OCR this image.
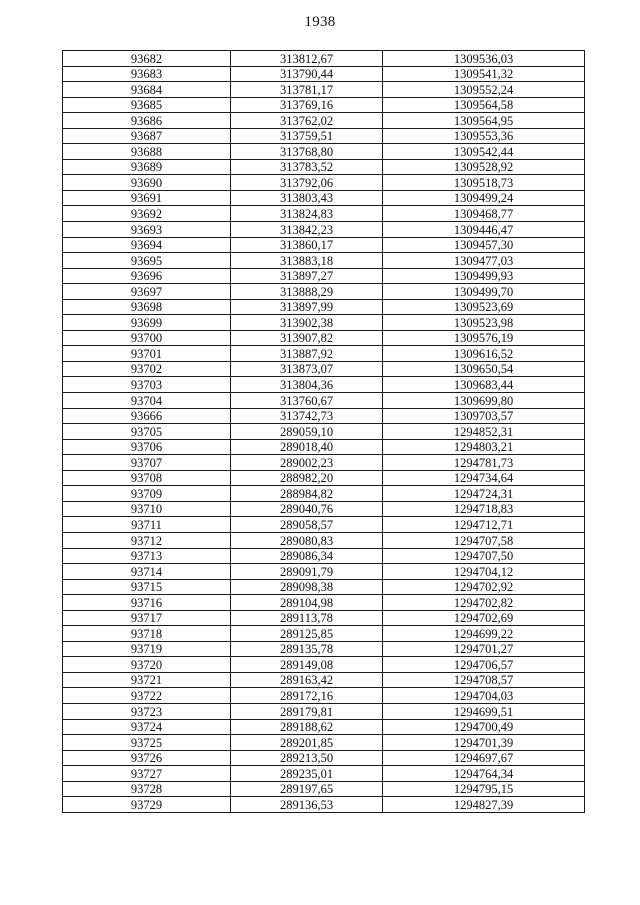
1938
93682	313812,67	1309536,03
93683	313790,44	1309541,32
93684	313781,17	1309552,24
93685	313769,16	1309564,58
93686	313762,02	1309564,95
93687	313759,51	1309553,36
93688	313768,80	1309542,44
93689	313783,52	1309528,92
93690	313792,06	1309518,73
93691	313803,43	1309499,24
93692	313824,83	1309468,77
93693	313842,23	1309446,47
93694	313860,17	1309457,30
93695	313883,18	1309477,03
93696	313897,27	1309499,93
93697	313888,29	1309499,70
93698	313897,99	1309523,69
93699	313902,38	1309523,98
93700	313907,82	1309576,19
93701	313887,92	1309616,52
93702	313873,07	1309650,54
93703	313804,36	1309683,44
93704	313760,67	1309699,80
93666	313742,73	1309703,57
93705	289059,10	1294852,31
93706	289018,40	1294803,21
93707	289002,23	1294781,73
93708	288982,20	1294734,64
93709	288984,82	1294724,31
93710	289040,76	1294718,83
93711	289058,57	1294712,71
93712	289080,83	1294707,58
93713	289086,34	1294707,50
93714	289091,79	1294704,12
93715	289098,38	1294702,92
93716	289104,98	1294702,82
93717	289113,78	1294702,69
93718	289125,85	1294699,22
93719	289135,78	1294701,27
93720	289149,08	1294706,57
93721	289163,42	1294708,57
93722	289172,16	1294704,03
93723	289179,81	1294699,51
93724	289188,62	1294700,49
93725	289201,85	1294701,39
93726	289213,50	1294697,67
93727	289235,01	1294764,34
93728	289197,65	1294795,15
93729	289136,53	1294827,39
